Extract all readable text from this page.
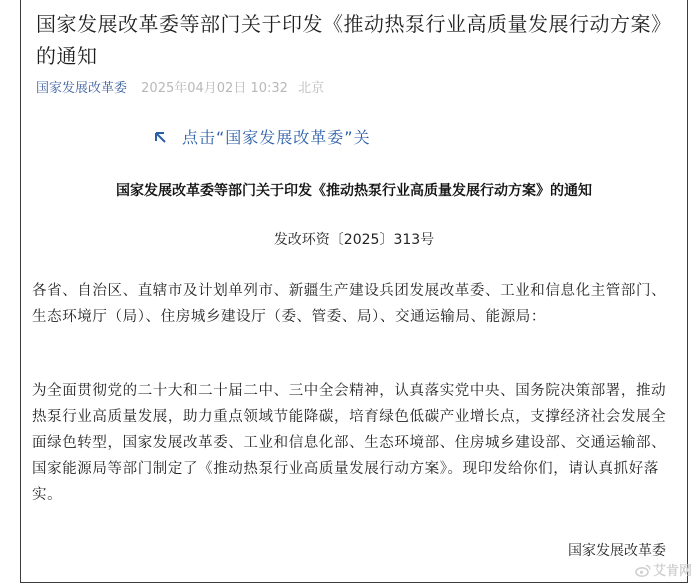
国家发展改革委等部门关于印发《推动热泵行业高质量发展行动方案》的通知
国家发展改革委 2025年04月02日 10:32 北京
点击“国家发展改革委”关
国家发展改革委等部门关于印发《推动热泵行业高质量发展行动方案》的通知
发改环资〔2025〕313号

各省、自治区、直辖市及计划单列市、新疆生产建设兵团发展改革委、工业和信息化主管部门、生态环境厅（局）、住房城乡建设厅（委、管委、局）、交通运输局、能源局：

为全面贯彻党的二十大和二十届二中、三中全会精神，认真落实党中央、国务院决策部署，推动热泵行业高质量发展，助力重点领域节能降碳，培育绿色低碳产业增长点，支撑经济社会发展全面绿色转型，国家发展改革委、工业和信息化部、生态环境部、住房城乡建设部、交通运输部、国家能源局等部门制定了《推动热泵行业高质量发展行动方案》。现印发给你们，请认真抓好落实。

国家发展改革委
艾肯网
